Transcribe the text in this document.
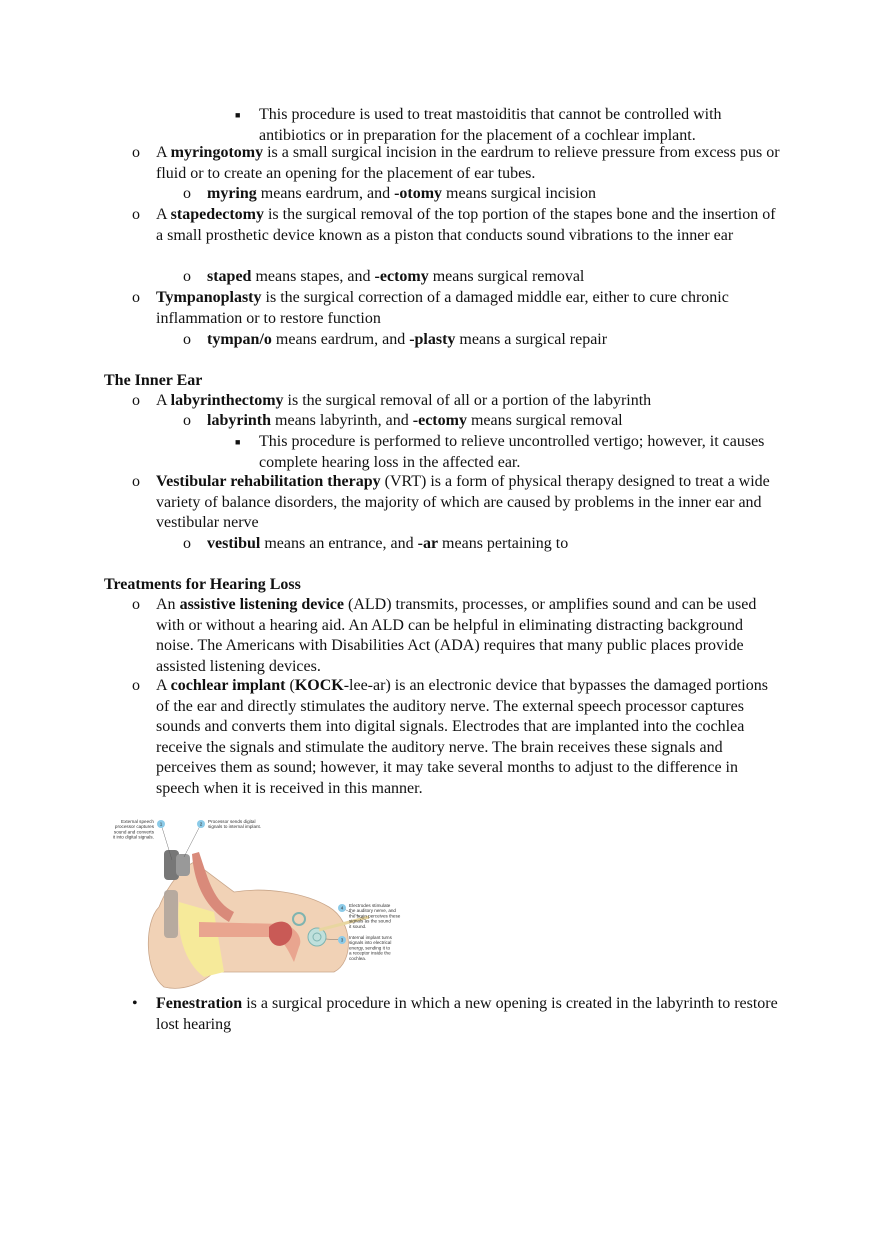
■ This procedure is used to treat mastoiditis that cannot be controlled with antibiotics or in preparation for the placement of a cochlear implant.
o A myringotomy is a small surgical incision in the eardrum to relieve pressure from excess pus or fluid or to create an opening for the placement of ear tubes.
o myring means eardrum, and -otomy means surgical incision
o A stapedectomy is the surgical removal of the top portion of the stapes bone and the insertion of a small prosthetic device known as a piston that conducts sound vibrations to the inner ear
o staped means stapes, and -ectomy means surgical removal
o Tympanoplasty is the surgical correction of a damaged middle ear, either to cure chronic inflammation or to restore function
o tympan/o means eardrum, and -plasty means a surgical repair
The Inner Ear
o A labyrinthectomy is the surgical removal of all or a portion of the labyrinth
o labyrinth means labyrinth, and -ectomy means surgical removal
■ This procedure is performed to relieve uncontrolled vertigo; however, it causes complete hearing loss in the affected ear.
o Vestibular rehabilitation therapy (VRT) is a form of physical therapy designed to treat a wide variety of balance disorders, the majority of which are caused by problems in the inner ear and vestibular nerve
o vestibul means an entrance, and -ar means pertaining to
Treatments for Hearing Loss
o An assistive listening device (ALD) transmits, processes, or amplifies sound and can be used with or without a hearing aid. An ALD can be helpful in eliminating distracting background noise. The Americans with Disabilities Act (ADA) requires that many public places provide assisted listening devices.
o A cochlear implant (KOCK-lee-ar) is an electronic device that bypasses the damaged portions of the ear and directly stimulates the auditory nerve. The external speech processor captures sounds and converts them into digital signals. Electrodes that are implanted into the cochlea receive the signals and stimulate the auditory nerve. The brain receives these signals and perceives them as sound; however, it may take several months to adjust to the difference in speech when it is received in this manner.
• Fenestration is a surgical procedure in which a new opening is created in the labyrinth to restore lost hearing
1
External speech
processor captures
sound and converts
it into digital signals.
2
Processor sends digital
signals to internal implant.
4
Electrodes stimulate
the auditory nerve, and
the brain perceives these
signals as the sound
it sound.
3
Internal implant turns
signals into electrical
energy, sending it to
a receptor inside the
cochlea.
